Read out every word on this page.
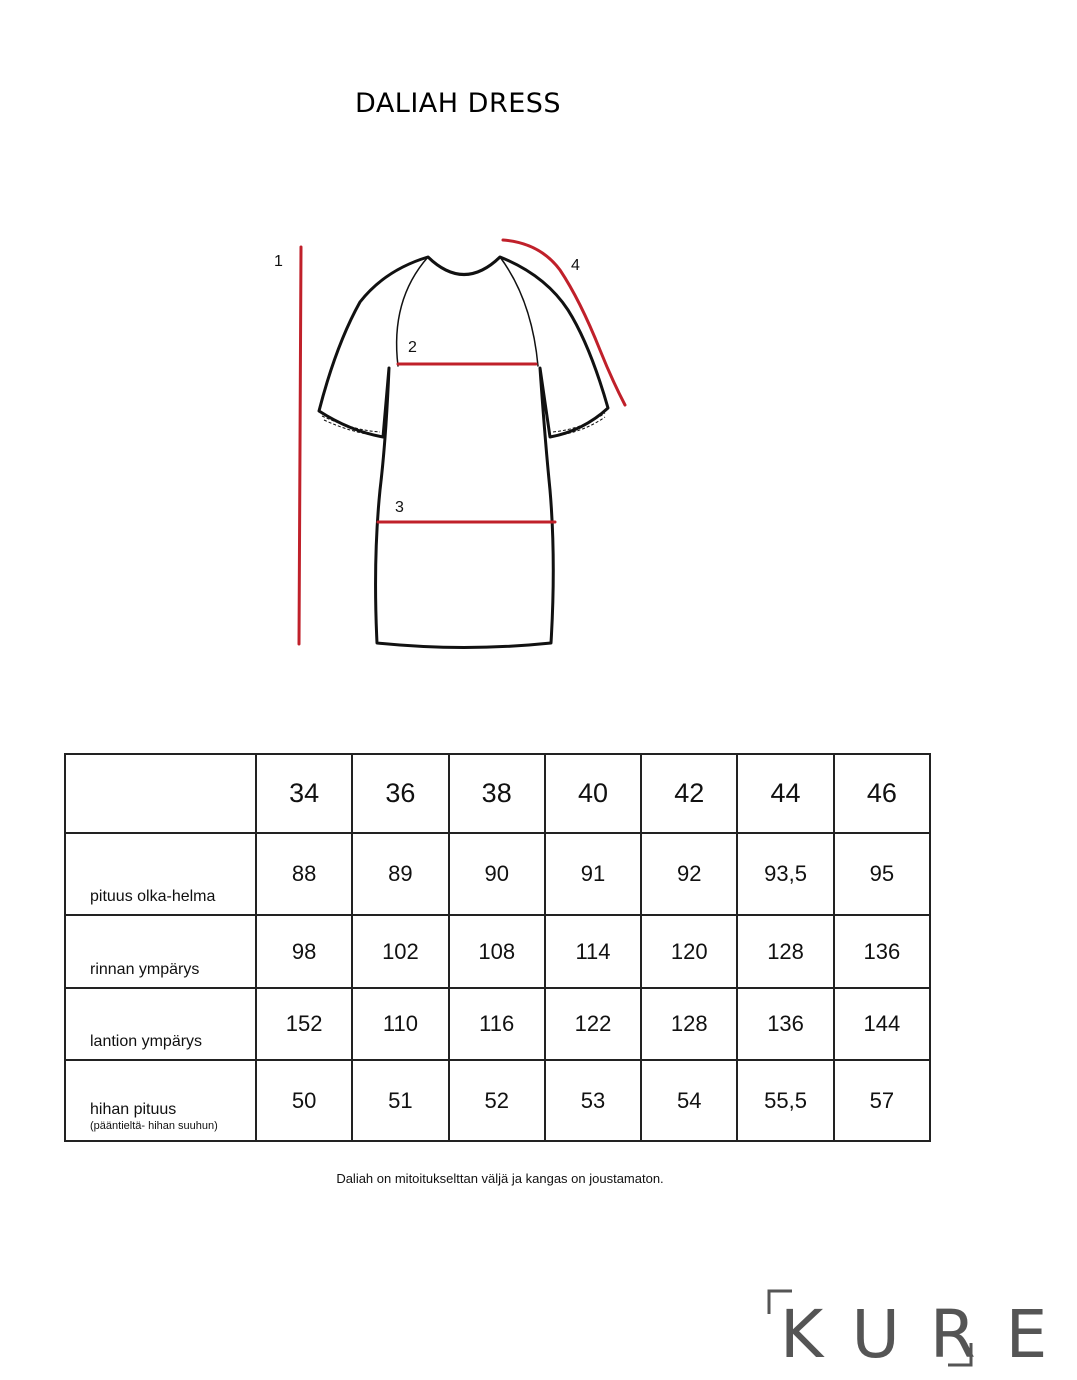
DALIAH DRESS
1
2
3
4
	34	36	38	40	42	44	46
pituus olka-helma	88	89	90	91	92	93,5	95
rinnan ympärys	98	102	108	114	120	128	136
lantion ympärys	152	110	116	122	128	136	144
hihan pituus
(pääntieltä- hihan suuhun)	50	51	52	53	54	55,5	57
Daliah on mitoitukselttan väljä ja kangas on joustamaton.
KURE
